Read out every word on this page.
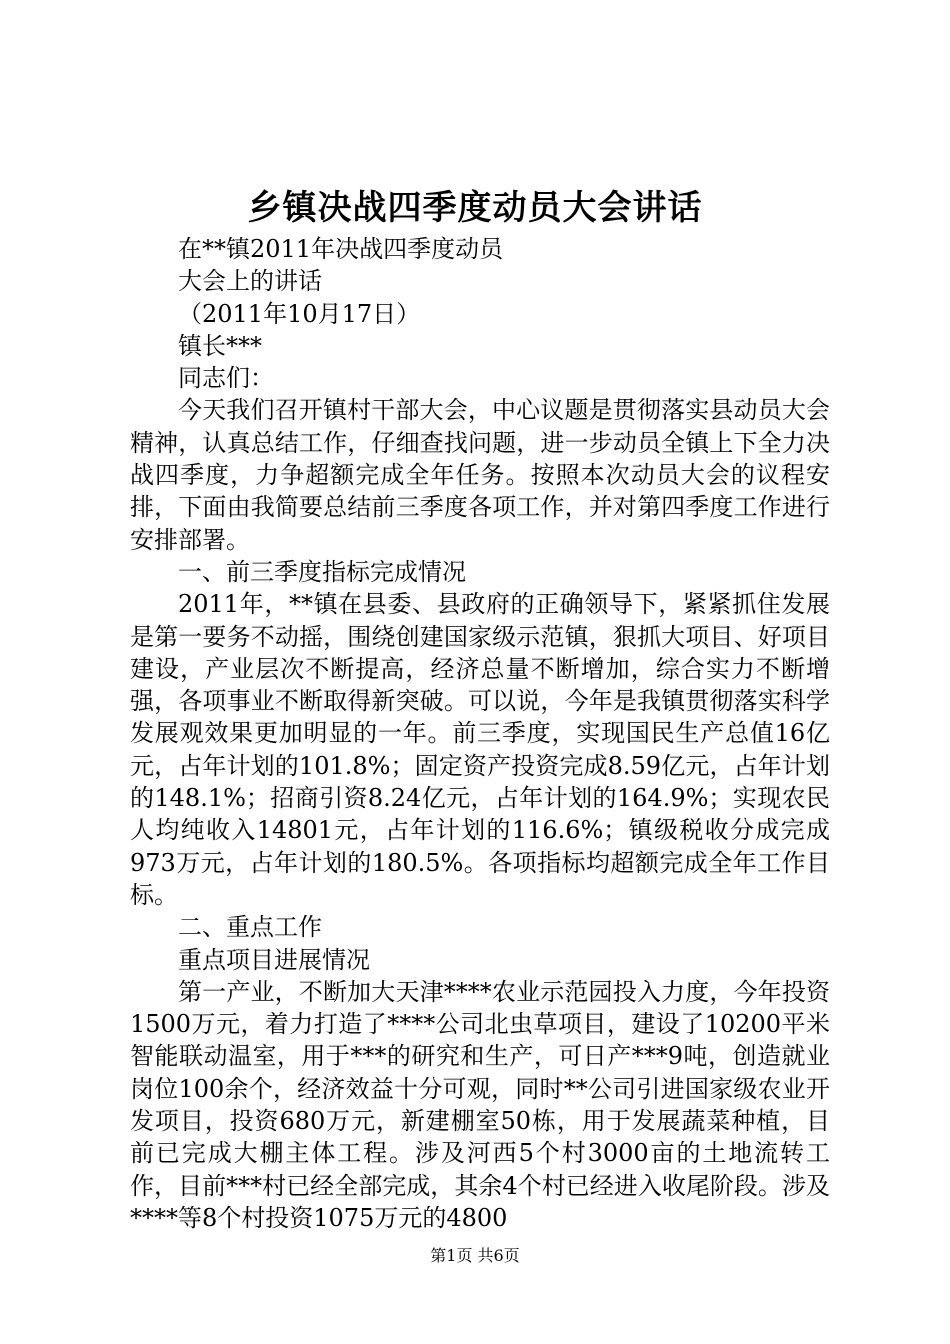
乡镇决战四季度动员大会讲话

在**镇2011年决战四季度动员

大会上的讲话

（2011年10月17日）

镇长***

同志们：

今天我们召开镇村干部大会，中心议题是贯彻落实县动员大会精神，认真总结工作，仔细查找问题，进一步动员全镇上下全力决战四季度，力争超额完成全年任务。按照本次动员大会的议程安排，下面由我简要总结前三季度各项工作，并对第四季度工作进行安排部署。

一、前三季度指标完成情况

2011年，**镇在县委、县政府的正确领导下，紧紧抓住发展是第一要务不动摇，围绕创建国家级示范镇，狠抓大项目、好项目建设，产业层次不断提高，经济总量不断增加，综合实力不断增强，各项事业不断取得新突破。可以说，今年是我镇贯彻落实科学发展观效果更加明显的一年。前三季度，实现国民生产总值16亿元，占年计划的101.8%；固定资产投资完成8.59亿元，占年计划的148.1%；招商引资8.24亿元，占年计划的164.9%；实现农民人均纯收入14801元，占年计划的116.6%；镇级税收分成完成973万元，占年计划的180.5%。各项指标均超额完成全年工作目标。

二、重点工作

重点项目进展情况

第一产业，不断加大天津****农业示范园投入力度，今年投资1500万元，着力打造了****公司北虫草项目，建设了10200平米智能联动温室，用于***的研究和生产，可日产***9吨，创造就业岗位100余个，经济效益十分可观，同时**公司引进国家级农业开发项目，投资680万元，新建棚室50栋，用于发展蔬菜种植，目前已完成大棚主体工程。涉及河西5个村3000亩的土地流转工作，目前***村已经全部完成，其余4个村已经进入收尾阶段。涉及****等8个村投资1075万元的4800

第1页 共6页
